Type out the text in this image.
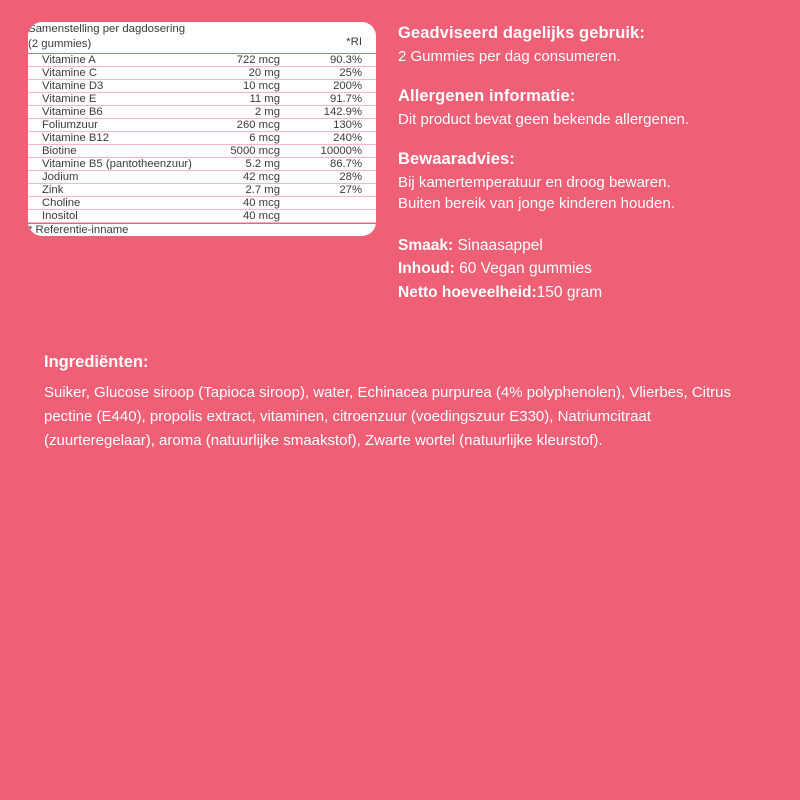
Samenstelling per dagdosering
(2 gummies)		*RI
Vitamine A	722 mcg	90.3%
Vitamine C	20 mg	25%
Vitamine D3	10 mcg	200%
Vitamine E	11 mg	91.7%
Vitamine B6	2 mg	142.9%
Foliumzuur	260 mcg	130%
Vitamine B12	6 mcg	240%
Biotine	5000 mcg	10000%
Vitamine B5 (pantotheenzuur)	5.2 mg	86.7%
Jodium	42 mcg	28%
Zink	2.7 mg	27%
Choline	40 mcg	
Inositol	40 mcg	

* Referentie-inname		
Geadviseerd dagelijks gebruik:

2 Gummies per dag consumeren.

Allergenen informatie:

Dit product bevat geen bekende allergenen.

Bewaaradvies:

Bij kamertemperatuur en droog bewaren.

Buiten bereik van jonge kinderen houden.

Smaak: Sinaasappel
Inhoud: 60 Vegan gummies
Netto hoeveelheid:150 gram
Ingrediënten:

Suiker, Glucose siroop (Tapioca siroop), water, Echinacea purpurea (4% polyphenolen), Vlierbes, Citrus pectine (E440), propolis extract, vitaminen, citroenzuur (voedingszuur E330), Natriumcitraat (zuurteregelaar), aroma (natuurlijke smaakstof), Zwarte wortel (natuurlijke kleurstof).
